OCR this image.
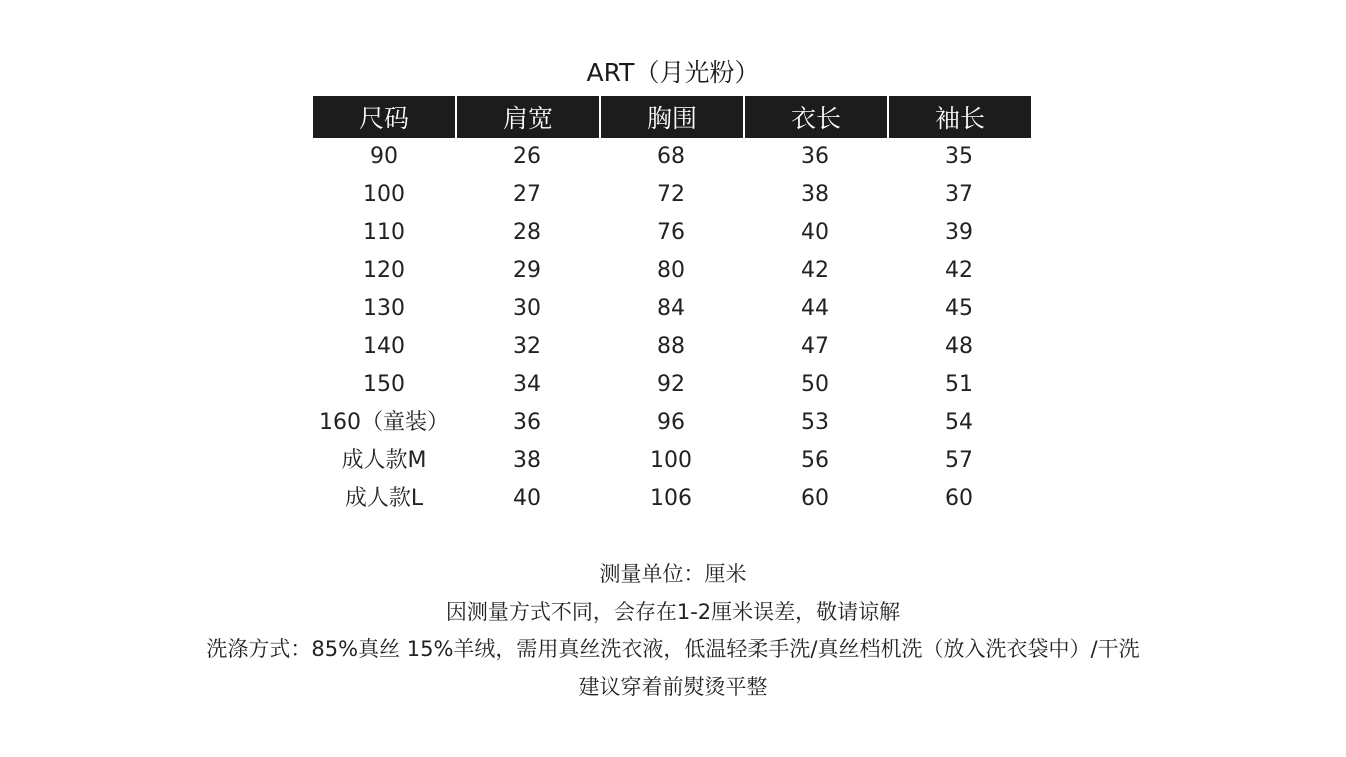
ART（月光粉）
尺码	肩宽	胸围	衣长	袖长
90	26	68	36	35
100	27	72	38	37
110	28	76	40	39
120	29	80	42	42
130	30	84	44	45
140	32	88	47	48
150	34	92	50	51
160（童装）	36	96	53	54
成人款M	38	100	56	57
成人款L	40	106	60	60
测量单位：厘米
因测量方式不同，会存在1-2厘米误差，敬请谅解
洗涤方式：85%真丝 15%羊绒，需用真丝洗衣液，低温轻柔手洗/真丝档机洗（放入洗衣袋中）/干洗
建议穿着前熨烫平整
